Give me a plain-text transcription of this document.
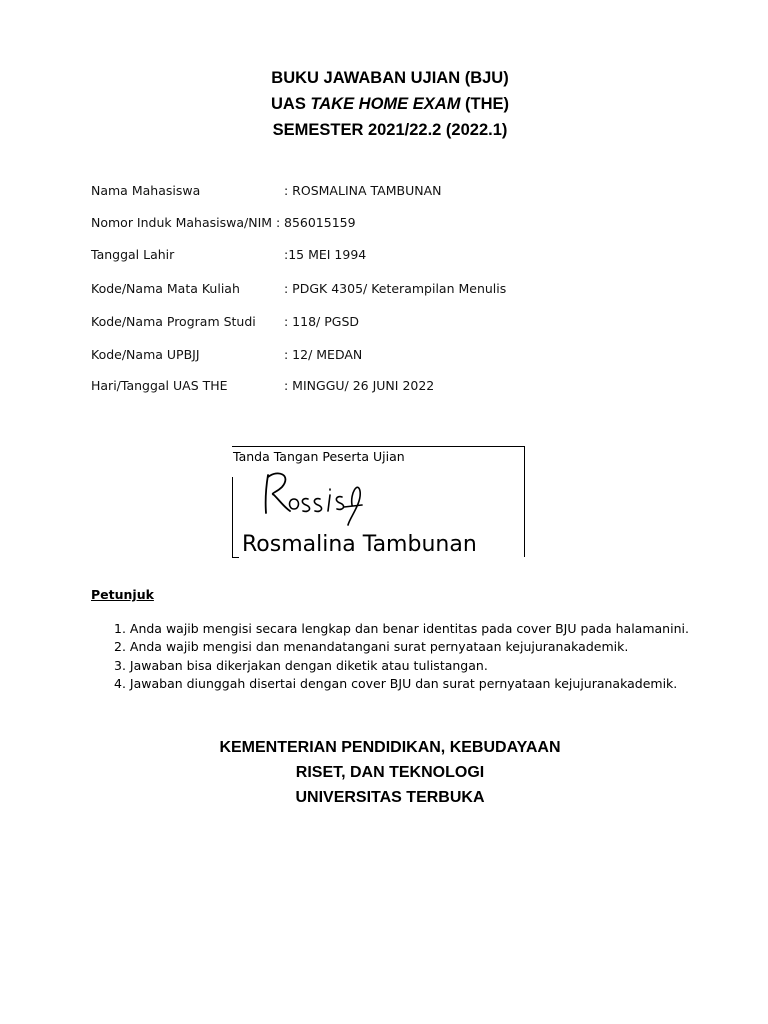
BUKU JAWABAN UJIAN (BJU)
UAS TAKE HOME EXAM (THE)
SEMESTER 2021/22.2 (2022.1)
Nama Mahasiswa	: ROSMALINA TAMBUNAN
Nomor Induk Mahasiswa/NIM : 856015159
Tanggal Lahir	:15 MEI 1994
Kode/Nama Mata Kuliah	: PDGK 4305/ Keterampilan Menulis
Kode/Nama Program Studi : 118/ PGSD
Kode/Nama UPBJJ	: 12/ MEDAN
Hari/Tanggal UAS THE	: MINGGU/ 26 JUNI 2022
Tanda Tangan Peserta Ujian
Rosmalina Tambunan
Petunjuk
1. Anda wajib mengisi secara lengkap dan benar identitas pada cover BJU pada halamanini.
2. Anda wajib mengisi dan menandatangani surat pernyataan kejujuranakademik.
3. Jawaban bisa dikerjakan dengan diketik atau tulistangan.
4. Jawaban diunggah disertai dengan cover BJU dan surat pernyataan kejujuranakademik.
KEMENTERIAN PENDIDIKAN, KEBUDAYAAN
RISET, DAN TEKNOLOGI
UNIVERSITAS TERBUKA
